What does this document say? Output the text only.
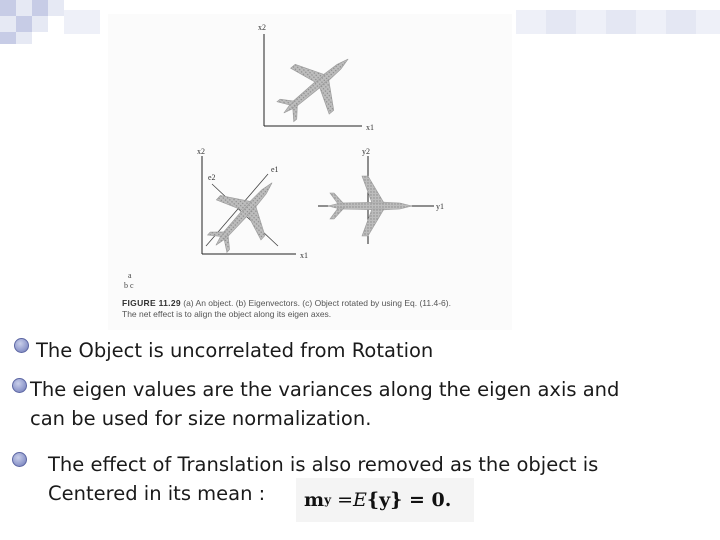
x2
x1
x2
e2
e1
x1
y2
y1
a
b c
FIGURE 11.29 (a) An object. (b) Eigenvectors. (c) Object rotated by using Eq. (11.4-6).
The net effect is to align the object along its eigen axes.
The Object is uncorrelated from Rotation
The eigen values are the variances along the eigen axis and
can be used for size normalization.
The effect of Translation is also removed as the object is
Centered in its mean :	m y = E {y} = 0.
